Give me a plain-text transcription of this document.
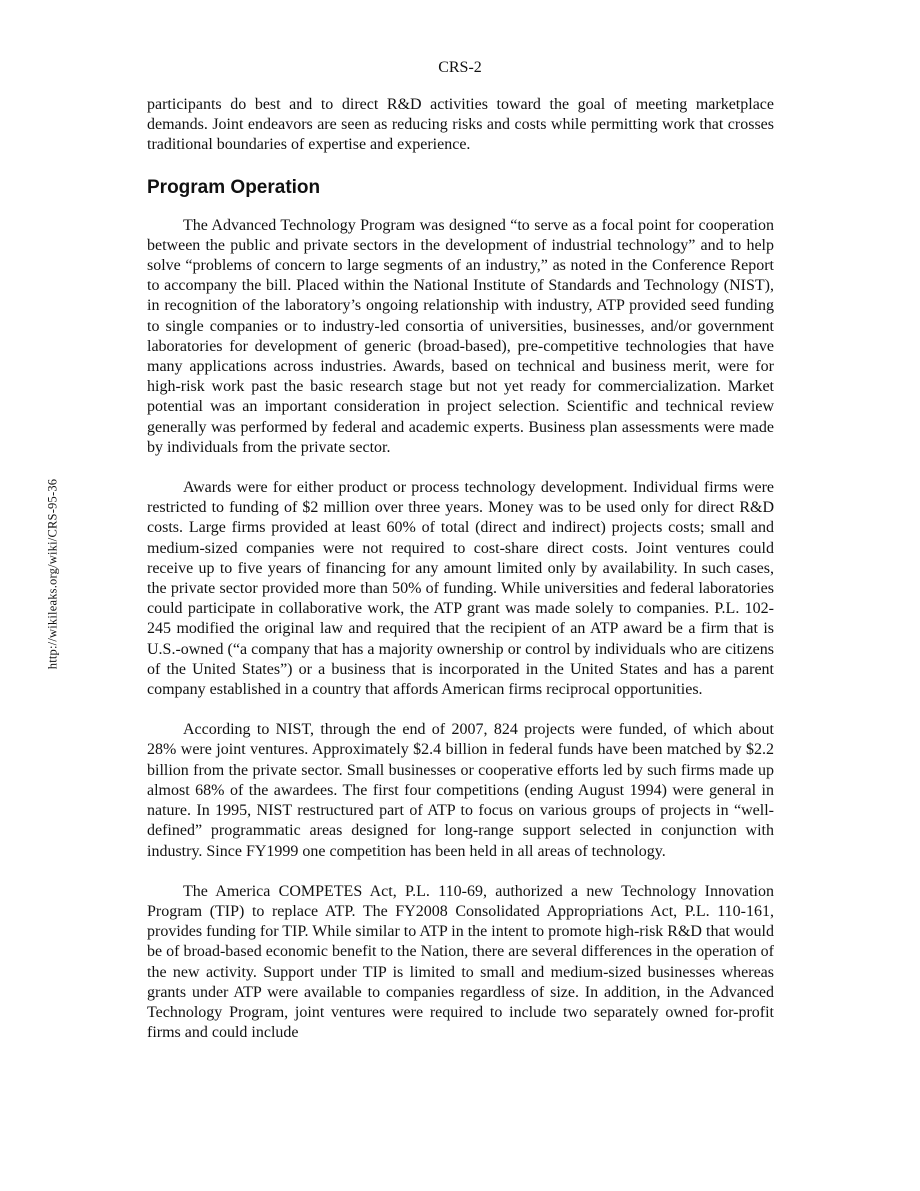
CRS-2
http://wikileaks.org/wiki/CRS-95-36

participants do best and to direct R&D activities toward the goal of meeting marketplace demands. Joint endeavors are seen as reducing risks and costs while permitting work that crosses traditional boundaries of expertise and experience.

Program Operation

The Advanced Technology Program was designed “to serve as a focal point for cooperation between the public and private sectors in the development of industrial technology” and to help solve “problems of concern to large segments of an industry,” as noted in the Conference Report to accompany the bill. Placed within the National Institute of Standards and Technology (NIST), in recognition of the laboratory’s ongoing relationship with industry, ATP provided seed funding to single companies or to industry-led consortia of universities, businesses, and/or government laboratories for development of generic (broad-based), pre-competitive technologies that have many applications across industries. Awards, based on technical and business merit, were for high-risk work past the basic research stage but not yet ready for commercialization. Market potential was an important consideration in project selection. Scientific and technical review generally was performed by federal and academic experts. Business plan assessments were made by individuals from the private sector.

Awards were for either product or process technology development. Individual firms were restricted to funding of $2 million over three years. Money was to be used only for direct R&D costs. Large firms provided at least 60% of total (direct and indirect) projects costs; small and medium-sized companies were not required to cost-share direct costs. Joint ventures could receive up to five years of financing for any amount limited only by availability. In such cases, the private sector provided more than 50% of funding. While universities and federal laboratories could participate in collaborative work, the ATP grant was made solely to companies. P.L. 102-245 modified the original law and required that the recipient of an ATP award be a firm that is U.S.-owned (“a company that has a majority ownership or control by individuals who are citizens of the United States”) or a business that is incorporated in the United States and has a parent company established in a country that affords American firms reciprocal opportunities.

According to NIST, through the end of 2007, 824 projects were funded, of which about 28% were joint ventures. Approximately $2.4 billion in federal funds have been matched by $2.2 billion from the private sector. Small businesses or cooperative efforts led by such firms made up almost 68% of the awardees. The first four competitions (ending August 1994) were general in nature. In 1995, NIST restructured part of ATP to focus on various groups of projects in “well-defined” programmatic areas designed for long-range support selected in conjunction with industry. Since FY1999 one competition has been held in all areas of technology.

The America COMPETES Act, P.L. 110-69, authorized a new Technology Innovation Program (TIP) to replace ATP. The FY2008 Consolidated Appropriations Act, P.L. 110-161, provides funding for TIP. While similar to ATP in the intent to promote high-risk R&D that would be of broad-based economic benefit to the Nation, there are several differences in the operation of the new activity. Support under TIP is limited to small and medium-sized businesses whereas grants under ATP were available to companies regardless of size. In addition, in the Advanced Technology Program, joint ventures were required to include two separately owned for-profit firms and could include
